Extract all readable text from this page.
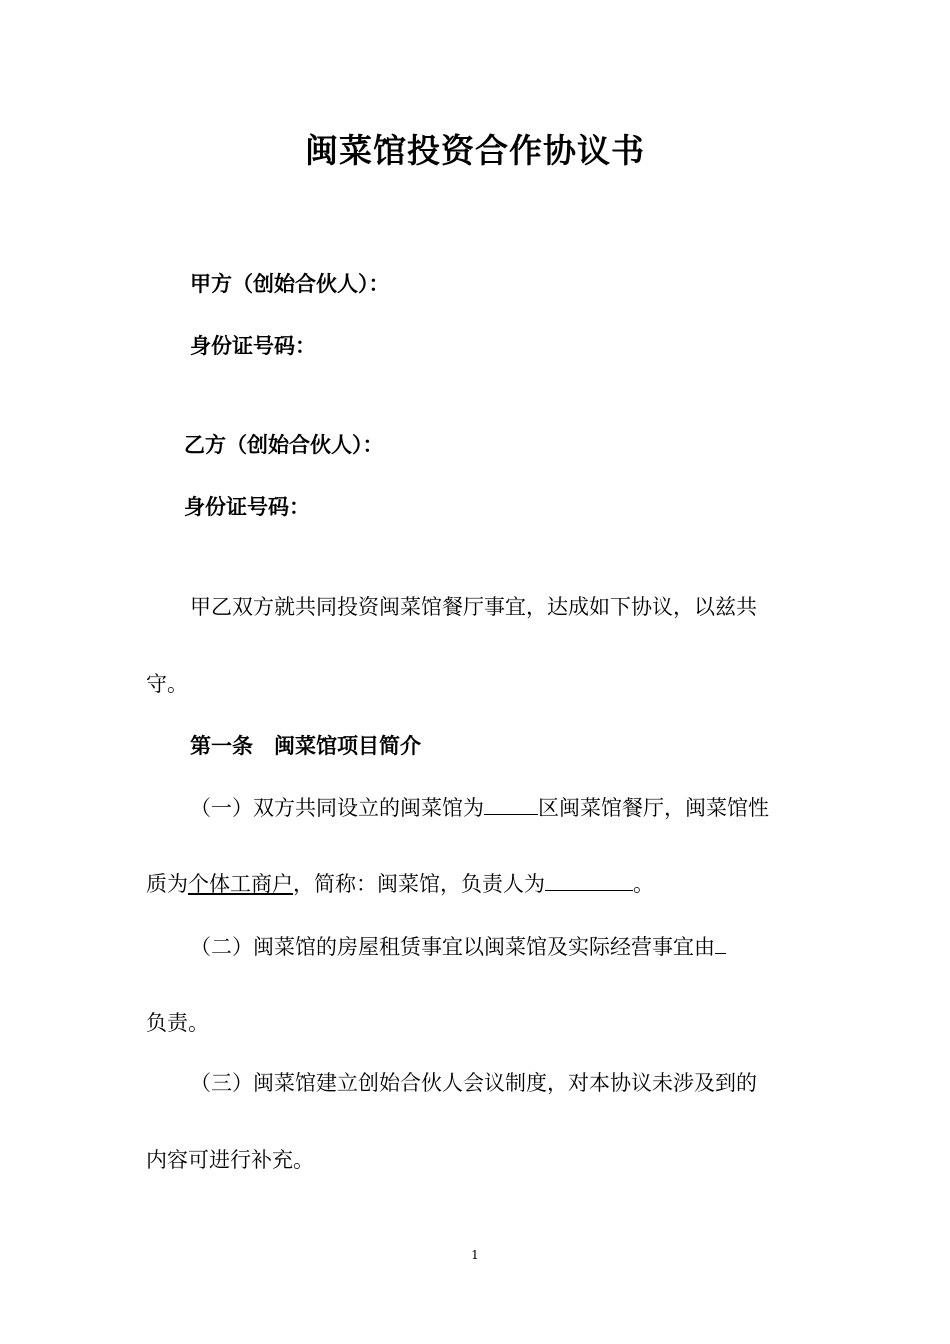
闽菜馆投资合作协议书
甲方（创始合伙人）：
身份证号码：
乙方（创始合伙人）：
身份证号码：
甲乙双方就共同投资闽菜馆餐厅事宜，达成如下协议，以兹共
守。
第一条　闽菜馆项目简介
（一）双方共同设立的闽菜馆为	区闽菜馆餐厅，闽菜馆性
质为个体工商户，简称：闽菜馆，负责人为	。
（二）闽菜馆的房屋租赁事宜以闽菜馆及实际经营事宜由
负责。
（三）闽菜馆建立创始合伙人会议制度，对本协议未涉及到的
内容可进行补充。
1
